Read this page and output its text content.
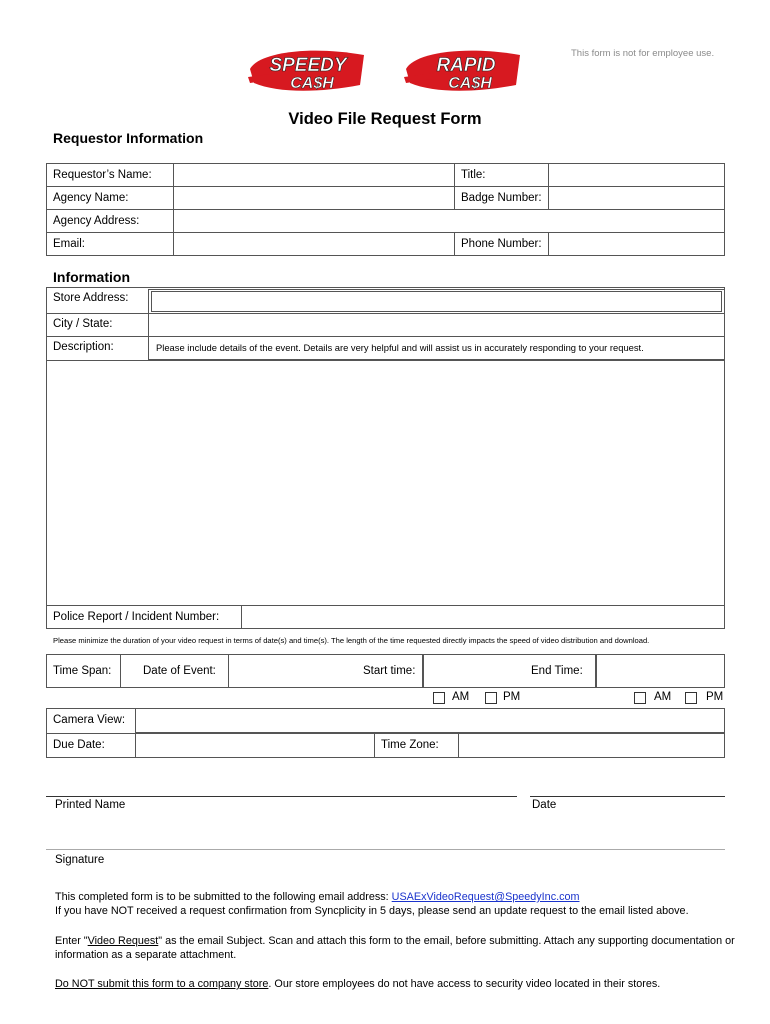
SPEEDY
CA$H
RAPID
CA$H
This form is not for employee use.
Video File Request Form
Requestor Information
Requestor’s Name:		Title:	
Agency Name:		Badge Number:	
Agency Address:			
Email:		Phone Number:	
Information
Store Address:
City / State:
Description:	Please include details of the event. Details are very helpful and will assist us in accurately responding to your request.
Police Report / Incident Number:
Please minimize the duration of your video request in terms of date(s) and time(s). The length of the time requested directly impacts the speed of video distribution and download.
Time Span:	Date of Event:	Start time:	End Time:
AM	PM	AM	PM
Camera View:
Due Date:	Time Zone:
Printed Name	Date
Signature
This completed form is to be submitted to the following email address: USAExVideoRequest@SpeedyInc.com
If you have NOT received a request confirmation from Syncplicity in 5 days, please send an update request to the email listed above.
Enter "Video Request" as the email Subject. Scan and attach this form to the email, before submitting. Attach any supporting documentation or information as a separate attachment.
Do NOT submit this form to a company store. Our store employees do not have access to security video located in their stores.
